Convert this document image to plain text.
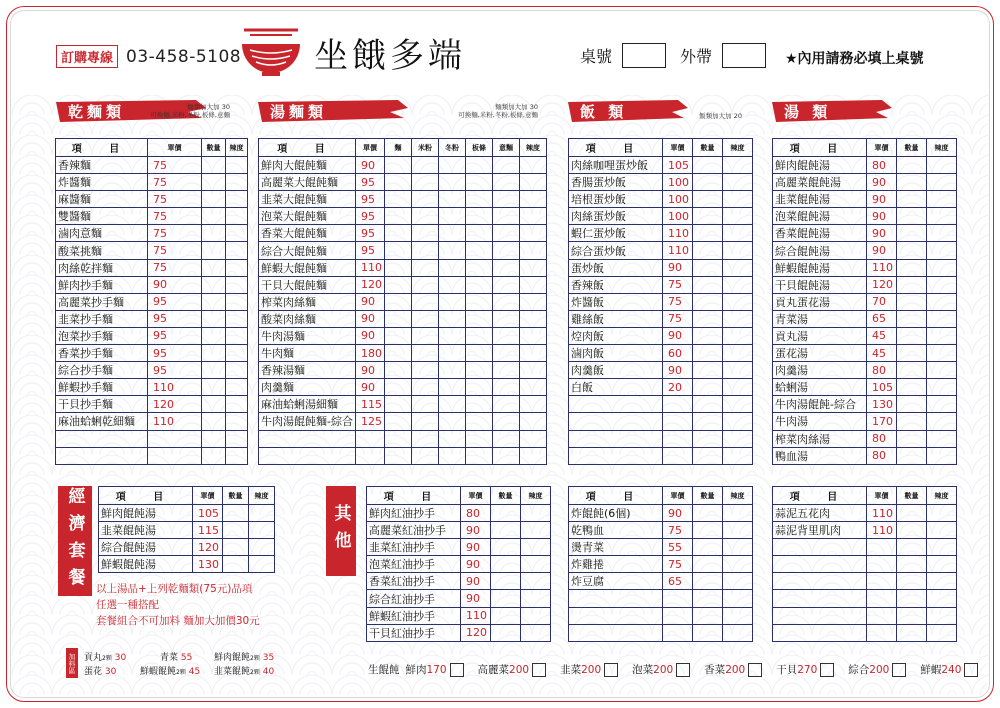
訂購專線 03-458-5108 坐餓多端	桌號	外帶	★內用請務必填上桌號
乾麵類	麵類加大加 30
可換麵,米粉,冬粉,板條,意麵	湯麵類	麵類加大加 30
可換麵,米粉,冬粉,板條,意麵	飯 類	飯類加大加 20	湯 類
項 目	單價	數量	辣度
香辣麵	75		
炸醬麵	75		
麻醬麵	75		
雙醬麵	75		
滷肉意麵	75		
酸菜挑麵	75		
肉絲乾拌麵	75		
鮮肉抄手麵	90		
高麗菜抄手麵	95		
韭菜抄手麵	95		
泡菜抄手麵	95		
香菜抄手麵	95		
綜合抄手麵	95		
鮮蝦抄手麵	110		
干貝抄手麵	120		
麻油蛤蜊乾細麵	110		

項 目	單價	麵	米粉	冬粉	板條	意麵	辣度
鮮肉大餛飩麵	90						
高麗菜大餛飩麵	95						
韭菜大餛飩麵	95						
泡菜大餛飩麵	95						
香菜大餛飩麵	95						
綜合大餛飩麵	95						
鮮蝦大餛飩麵	110						
干貝大餛飩麵	120						
榨菜肉絲麵	90						
酸菜肉絲麵	90						
牛肉湯麵	90						
牛肉麵	180						
香辣湯麵	90						
肉羹麵	90						
麻油蛤蜊湯細麵	115						
牛肉湯餛飩麵-綜合	125						

項 目	單價	數量	辣度
肉絲咖哩蛋炒飯	105		
香腸蛋炒飯	100		
培根蛋炒飯	100		
肉絲蛋炒飯	100		
蝦仁蛋炒飯	110		
綜合蛋炒飯	110		
蛋炒飯	90		
香辣飯	75		
炸醬飯	75		
雞絲飯	75		
焢肉飯	90		
滷肉飯	60		
肉羹飯	90		
白飯	20		

項 目	單價	數量	辣度
鮮肉餛飩湯	80		
高麗菜餛飩湯	90		
韭菜餛飩湯	90		
泡菜餛飩湯	90		
香菜餛飩湯	90		
綜合餛飩湯	90		
鮮蝦餛飩湯	110		
干貝餛飩湯	120		
貢丸蛋花湯	70		
青菜湯	65		
貢丸湯	45		
蛋花湯	45		
肉羹湯	80		
蛤蜊湯	105		
牛肉湯餛飩-綜合	130		
牛肉湯	170		
榨菜肉絲湯	80		
鴨血湯	80		
經濟套餐	項 目	單價	數量	辣度
鮮肉餛飩湯	105		
韭菜餛飩湯	115		
綜合餛飩湯	120		
鮮蝦餛飩湯	130		
以上湯品+上列乾麵類(75元)品項
任選一種搭配
套餐組合不可加料 麵加大加價30元
其他
項 目	單價	數量	辣度
鮮肉紅油抄手	80		
高麗菜紅油抄手	90		
韭菜紅油抄手	90		
泡菜紅油抄手	90		
香菜紅油抄手	90		
綜合紅油抄手	90		
鮮蝦紅油抄手	110		
干貝紅油抄手	120		
項 目	單價	數量	辣度
炸餛飩(6個)	90		
乾鴨血	75		
燙青菜	55		
炸雞捲	75		
炸豆腐	65		

項 目	單價	數量	辣度
蒜泥五花肉	110		
蒜泥背里肌肉	110		

加料區 貢丸2顆 30	青菜 55 鮮肉餛飩2顆 35
蛋花 30	鮮蝦餛飩2顆 45 韭菜餛飩2顆 40	生餛飩 鮮肉 170	高麗菜 200	韭菜 200	泡菜 200	香菜 200	干貝 270	綜合 200	鮮蝦 240
